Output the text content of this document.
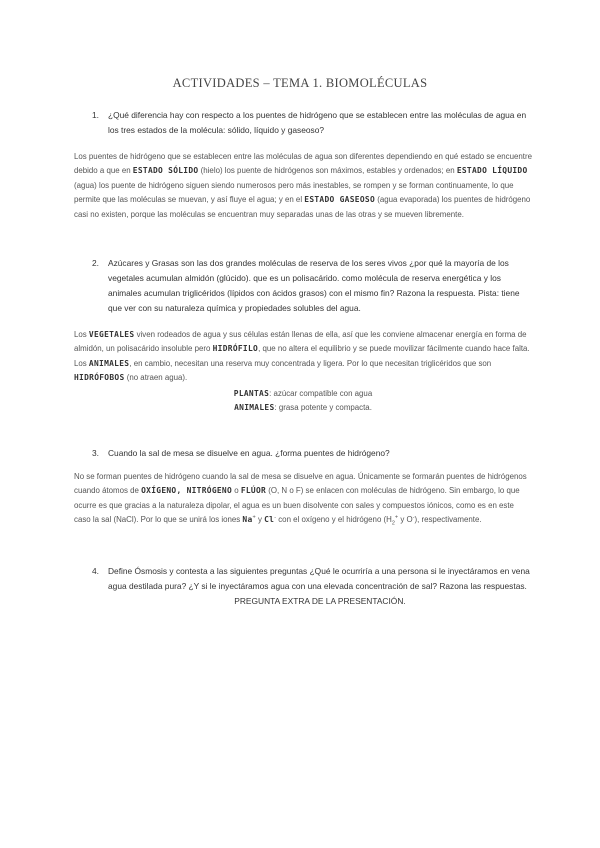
ACTIVIDADES – TEMA 1. BIOMOLÉCULAS
1. ¿Qué diferencia hay con respecto a los puentes de hidrógeno que se establecen entre las moléculas de agua en los tres estados de la molécula: sólido, líquido y gaseoso?
Los puentes de hidrógeno que se establecen entre las moléculas de agua son diferentes dependiendo en qué estado se encuentre debido a que en ESTADO SÓLIDO (hielo) los puente de hidrógenos son máximos, estables y ordenados; en ESTADO LÍQUIDO (agua) los puente de hidrógeno siguen siendo numerosos pero más inestables, se rompen y se forman continuamente, lo que permite que las moléculas se muevan, y así fluye el agua; y en el ESTADO GASEOSO (agua evaporada) los puentes de hidrógeno casi no existen, porque las moléculas se encuentran muy separadas unas de las otras y se mueven libremente.
2. Azúcares y Grasas son las dos grandes moléculas de reserva de los seres vivos ¿por qué la mayoría de los vegetales acumulan almidón (glúcido). que es un polisacárido. como molécula de reserva energética y los animales acumulan triglicéridos (lípidos con ácidos grasos) con el mismo fin? Razona la respuesta. Pista: tiene que ver con su naturaleza química y propiedades solubles del agua.
Los VEGETALES viven rodeados de agua y sus células están llenas de ella, así que les conviene almacenar energía en forma de almidón, un polisacárido insoluble pero HIDRÓFILO, que no altera el equilibrio y se puede movilizar fácilmente cuando hace falta.
Los ANIMALES, en cambio, necesitan una reserva muy concentrada y ligera. Por lo que necesitan triglicéridos que son HIDRÓFOBOS (no atraen agua).
PLANTAS: azúcar compatible con agua
ANIMALES: grasa potente y compacta.
3. Cuando la sal de mesa se disuelve en agua. ¿forma puentes de hidrógeno?
No se forman puentes de hidrógeno cuando la sal de mesa se disuelve en agua. Únicamente se formarán puentes de hidrógenos cuando átomos de OXÍGENO, NITRÓGENO o FLÚOR (O, N o F) se enlacen con moléculas de hidrógeno. Sin embargo, lo que ocurre es que gracias a la naturaleza dipolar, el agua es un buen disolvente con sales y compuestos iónicos, como es en este caso la sal (NaCl). Por lo que se unirá los iones Na+ y Cl- con el oxígeno y el hidrógeno ($H_2^+$ y O-), respectivamente.
4. Define Ósmosis y contesta a las siguientes preguntas ¿Qué le ocurriría a una persona si le inyectáramos en vena agua destilada pura? ¿Y si le inyectáramos agua con una elevada concentración de sal? Razona las respuestas.
PREGUNTA EXTRA DE LA PRESENTACIÓN.
